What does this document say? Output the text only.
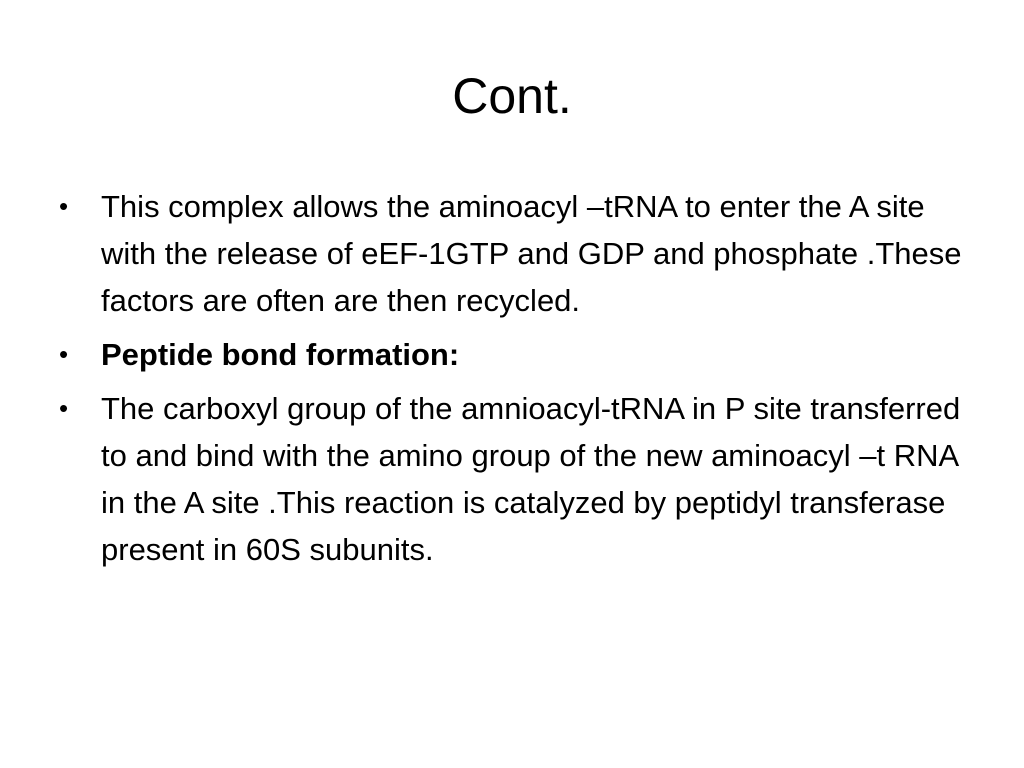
Cont.
• This complex allows the aminoacyl –tRNA to enter the A site with the release of eEF-1GTP and GDP and phosphate .These factors are often are then recycled.
• Peptide bond formation:
• The carboxyl group of the amnioacyl-tRNA in P site transferred to and bind with the amino group of the new aminoacyl –t RNA in the A site .This reaction is catalyzed by peptidyl transferase present in 60S subunits.
